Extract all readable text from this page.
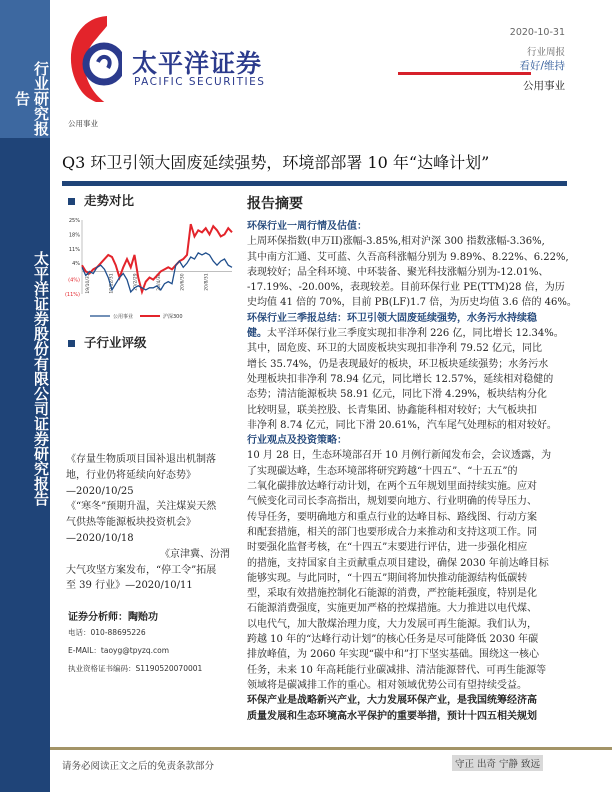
行业研究报告
太平洋证券股份有限公司证券研究报告
太平洋证券
PACIFIC SECURITIES
2020-10-31
行业周报
看好/维持
公用事业
公用事业
Q3 环卫引领大固废延续强势，环境部部署 10 年“达峰计划”
走势对比
25%
18%
11%
4%
(4%)
(11%)
19/10/31	19/12/31	20/2/29	20/4/30	20/6/30	20/8/31
公用事业	沪深300
子行业评级
《存量生物质项目国补退出机制落
地，行业仍将延续向好态势》
—2020/10/25
《“寒冬”预期升温，关注煤炭天然
气供热等能源板块投资机会》
—2020/10/18
《京津冀、汾渭
大气攻坚方案发布，“停工令”拓展
至 39 行业》—2020/10/11
证券分析师：陶贻功
电话：010-88695226
E-MAIL：taoyg@tpyzq.com
执业资格证书编码：S1190520070001
报告摘要
环保行业一周行情及估值：
上周环保指数(申万II)涨幅-3.85%,相对沪深 300 指数涨幅-3.36%,
其中南方汇通、艾可蓝、久吾高科涨幅分别为 9.89%、8.22%、6.22%,
表现较好；品全科环境、中环装备、聚光科技涨幅分别为-12.01%、
-17.19%、-20.00%，表现较差。目前环保行业 PE(TTM)28 倍，为历
史均值 41 倍的 70%，目前 PB(LF)1.7 倍，为历史均值 3.6 倍的 46%。
环保行业三季报总结：环卫引领大固废延续强势，水务污水持续稳
健。太平洋环保行业三季度实现扣非净利 226 亿，同比增长 12.34%。
其中，固危废、环卫的大固废板块实现扣非净利 79.52 亿元，同比
增长 35.74%，仍是表现最好的板块，环卫板块延续强势；水务污水
处理板块扣非净利 78.94 亿元，同比增长 12.57%，延续相对稳健的
态势；清洁能源板块 58.91 亿元，同比下滑 4.29%，板块结构分化
比较明显，联美控股、长青集团、协鑫能科相对较好；大气板块扣
非净利 8.74 亿元，同比下滑 20.61%，汽车尾气处理标的相对较好。
行业观点及投资策略：
10 月 28 日，生态环境部召开 10 月例行新闻发布会，会议透露，为
了实现碳达峰，生态环境部将研究跨越“十四五”、“十五五”的
二氧化碳排放达峰行动计划，在两个五年规划里面持续实施。应对
气候变化司司长李高指出，规划要向地方、行业明确的传导压力、
传导任务，要明确地方和重点行业的达峰目标、路线图、行动方案
和配套措施，相关的部门也要形成合力来推动和支持这项工作。同
时要强化监督考核，在“十四五”末要进行评估，进一步强化相应
的措施，支持国家自主贡献重点项目建设，确保 2030 年前达峰目标
能够实现。与此同时，“十四五”期间将加快推动能源结构低碳转
型，采取有效措施控制化石能源的消费，严控能耗强度，特别是化
石能源消费强度，实施更加严格的控煤措施。大力推进以电代煤、
以电代气，加大散煤治理力度，大力发展可再生能源。我们认为，
跨越 10 年的“达峰行动计划”的核心任务是尽可能降低 2030 年碳
排放峰值，为 2060 年实现“碳中和”打下坚实基础。围绕这一核心
任务，未来 10 年高耗能行业碳减排、清洁能源替代、可再生能源等
领域将是碳减排工作的重心。相对领域优势公司有望持续受益。
环保产业是战略新兴产业，大力发展环保产业，是我国统筹经济高
质量发展和生态环境高水平保护的重要举措，预计十四五相关规划
请务必阅读正文之后的免责条款部分	守正 出奇 宁静 致远
